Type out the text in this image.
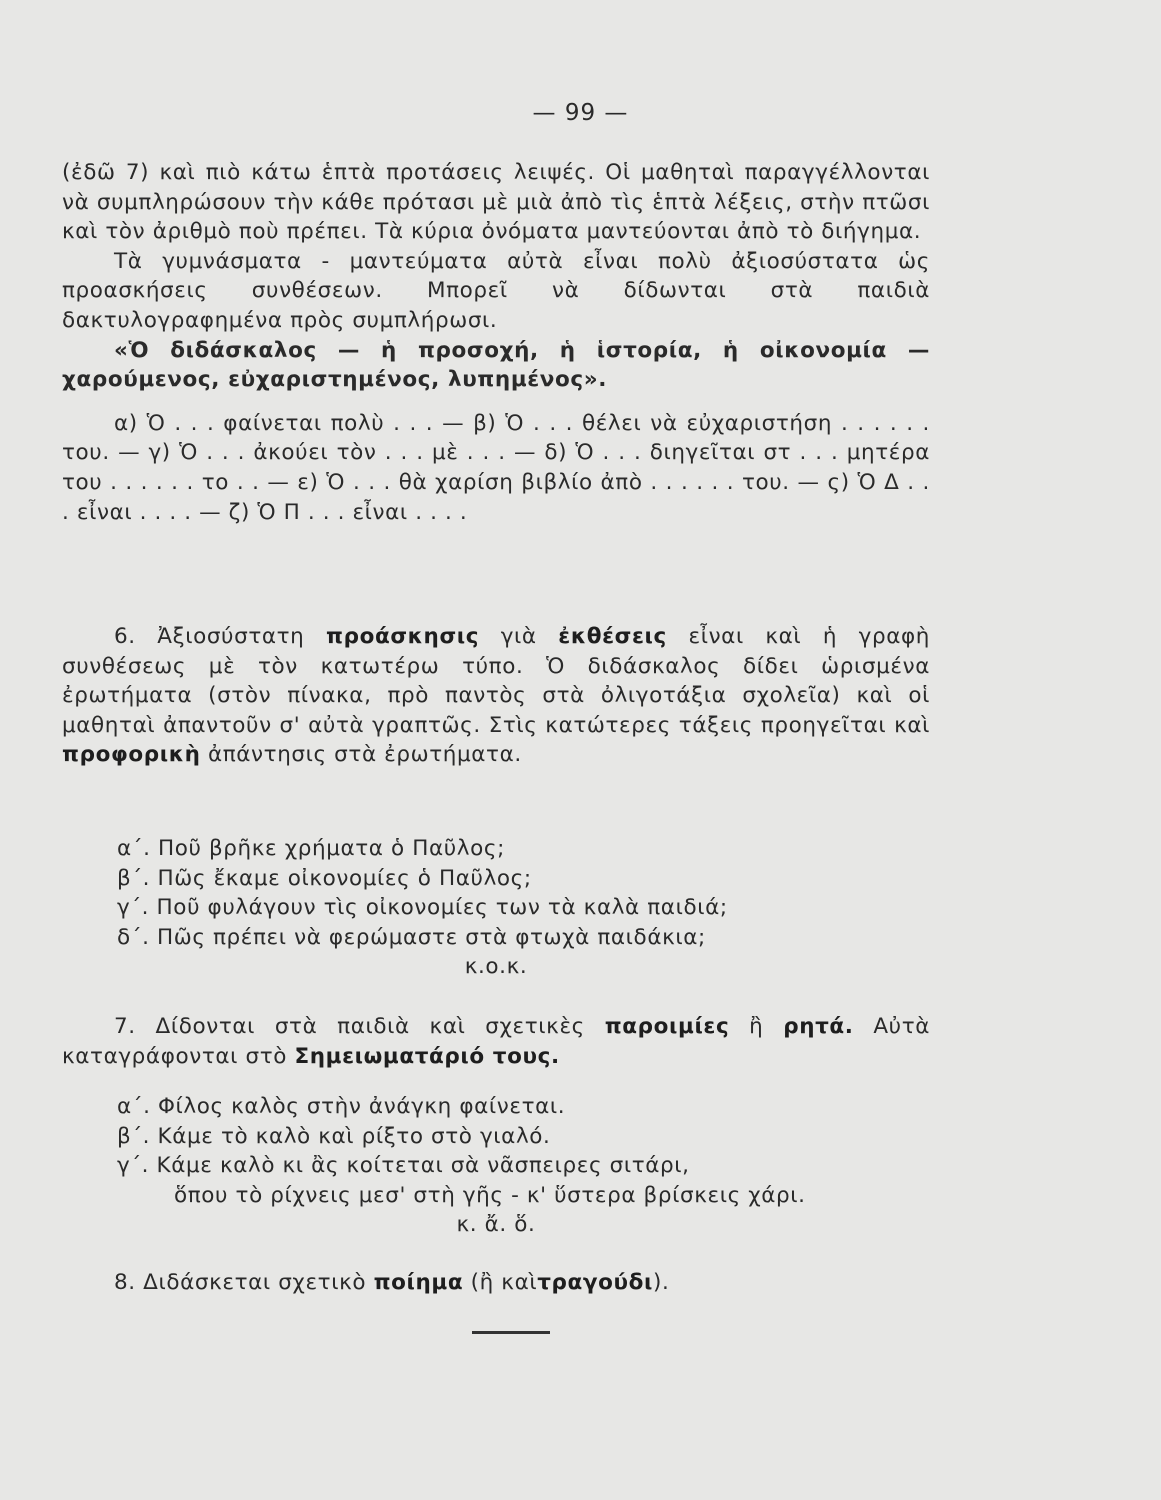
— 99 —

(ἐδῶ 7) καὶ πιὸ κάτω ἑπτὰ προτάσεις λειψές. Οἱ μαθηταὶ παραγγέλλονται νὰ συμπληρώσουν τὴν κάθε πρότασι μὲ μιὰ ἀπὸ τὶς ἑπτὰ λέξεις, στὴν πτῶσι καὶ τὸν ἀριθμὸ ποὺ πρέπει. Τὰ κύρια ὀνόματα μαντεύονται ἀπὸ τὸ διήγημα.

Τὰ γυμνάσματα - μαντεύματα αὐτὰ εἶναι πολὺ ἀξιοσύστατα ὡς προασκήσεις συνθέσεων. Μπορεῖ νὰ δίδωνται στὰ παιδιὰ δακτυλογραφημένα πρὸς συμπλήρωσι.

«Ὁ διδάσκαλος — ἡ προσοχή, ἡ ἱστορία, ἡ οἰκονομία — χαρούμενος, εὐχαριστημένος, λυπημένος».

α) Ὁ . . . φαίνεται πολὺ . . . — β) Ὁ . . . θέλει νὰ εὐχαριστήση . . . . . . του. — γ) Ὁ . . . ἀκούει τὸν . . . μὲ . . . — δ) Ὁ . . . διηγεῖται στ . . . μητέρα του . . . . . . το . . — ε) Ὁ . . . θὰ χαρίση βιβλίο ἀπὸ . . . . . . του. — ς) Ὁ Δ . . . εἶναι . . . . — ζ) Ὁ Π . . . εἶναι . . . .

6. Ἀξιοσύστατη προάσκησις γιὰ ἐκθέσεις εἶναι καὶ ἡ γραφὴ συνθέσεως μὲ τὸν κατωτέρω τύπο. Ὁ διδάσκαλος δίδει ὡρισμένα ἐρωτήματα (στὸν πίνακα, πρὸ παντὸς στὰ ὀλιγοτάξια σχολεῖα) καὶ οἱ μαθηταὶ ἀπαντοῦν σ' αὐτὰ γραπτῶς. Στὶς κατώτερες τάξεις προηγεῖται καὶ προφορικὴ ἀπάντησις στὰ ἐρωτήματα.

α΄. Ποῦ βρῆκε χρήματα ὁ Παῦλος;

β΄. Πῶς ἔκαμε οἰκονομίες ὁ Παῦλος;

γ΄. Ποῦ φυλάγουν τὶς οἰκονομίες των τὰ καλὰ παιδιά;

δ΄. Πῶς πρέπει νὰ φερώμαστε στὰ φτωχὰ παιδάκια;

κ.ο.κ.

7. Δίδονται στὰ παιδιὰ καὶ σχετικὲς παροιμίες ἢ ρητά. Αὐτὰ καταγράφονται στὸ Σημειωματάριό τους.

α΄. Φίλος καλὸς στὴν ἀνάγκη φαίνεται.

β΄. Κάμε τὸ καλὸ καὶ ρίξτο στὸ γιαλό.

γ΄. Κάμε καλὸ κι ἂς κοίτεται σὰ νᾶσπειρες σιτάρι,

ὅπου τὸ ρίχνεις μεσ' στὴ γῆς - κ' ὕστερα βρίσκεις χάρι.

κ. ἄ. ὅ.

8. Διδάσκεται σχετικὸ ποίημα (ἢ καὶτραγούδι).
